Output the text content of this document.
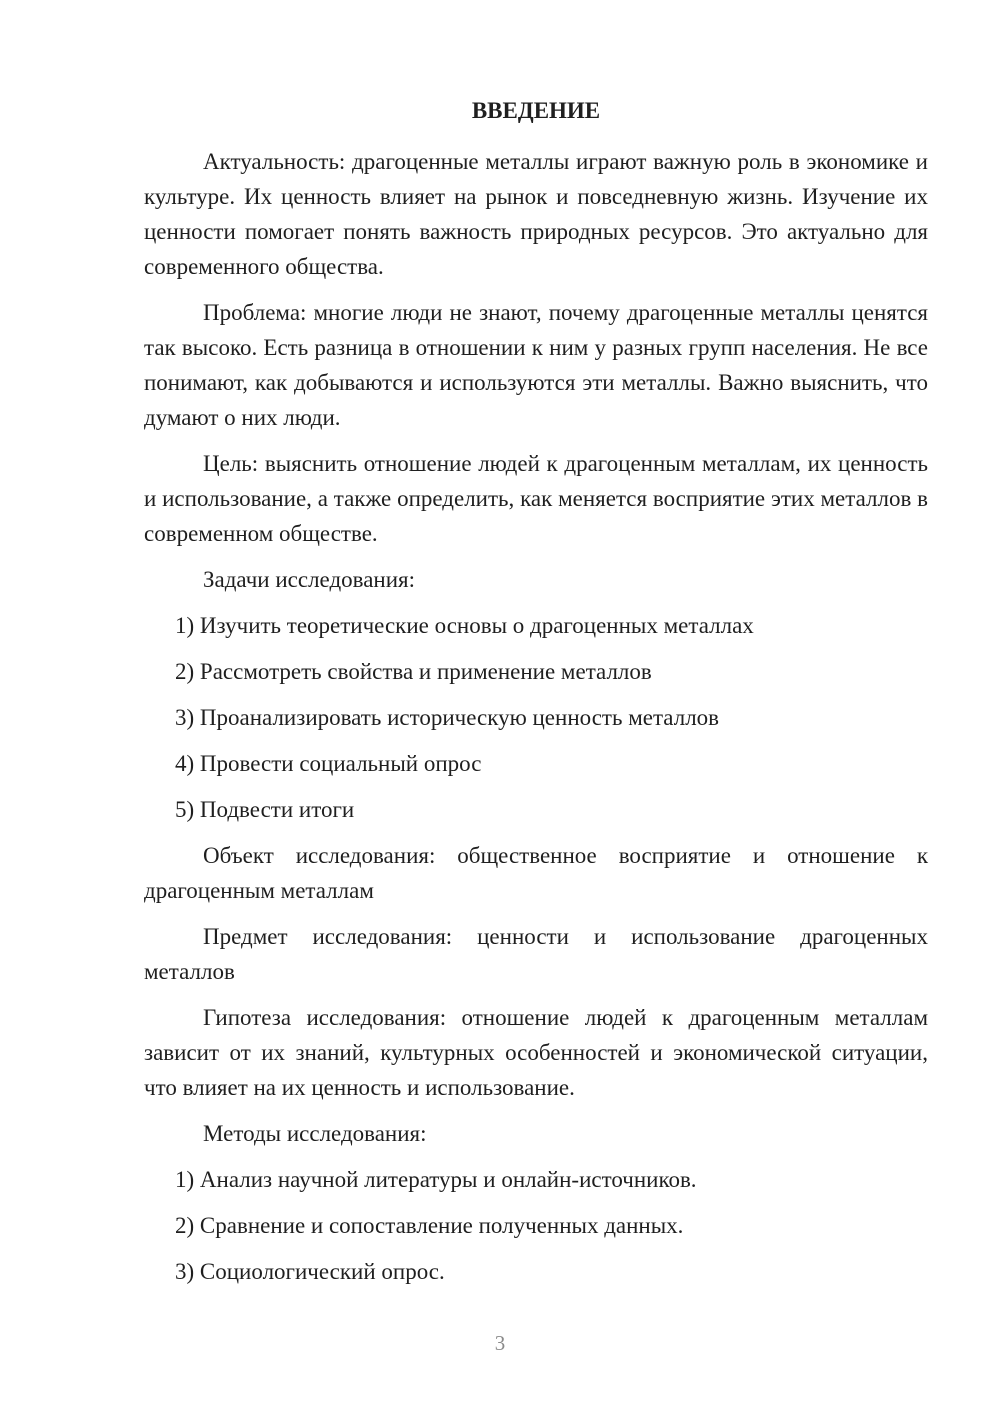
ВВЕДЕНИЕ

Актуальность: драгоценные металлы играют важную роль в экономике и культуре. Их ценность влияет на рынок и повседневную жизнь. Изучение их ценности помогает понять важность природных ресурсов. Это актуально для современного общества.

Проблема: многие люди не знают, почему драгоценные металлы ценятся так высоко. Есть разница в отношении к ним у разных групп населения. Не все понимают, как добываются и используются эти металлы. Важно выяснить, что думают о них люди.

Цель: выяснить отношение людей к драгоценным металлам, их ценность и использование, а также определить, как меняется восприятие этих металлов в современном обществе.

Задачи исследования:

1) Изучить теоретические основы о драгоценных металлах

2) Рассмотреть свойства и применение металлов

3) Проанализировать историческую ценность металлов

4) Провести социальный опрос

5) Подвести итоги

Объект исследования: общественное восприятие и отношение к драгоценным металлам

Предмет исследования: ценности и использование драгоценных металлов

Гипотеза исследования: отношение людей к драгоценным металлам зависит от их знаний, культурных особенностей и экономической ситуации, что влияет на их ценность и использование.

Методы исследования:

1) Анализ научной литературы и онлайн-источников.

2) Сравнение и сопоставление полученных данных.

3) Социологический опрос.

3
